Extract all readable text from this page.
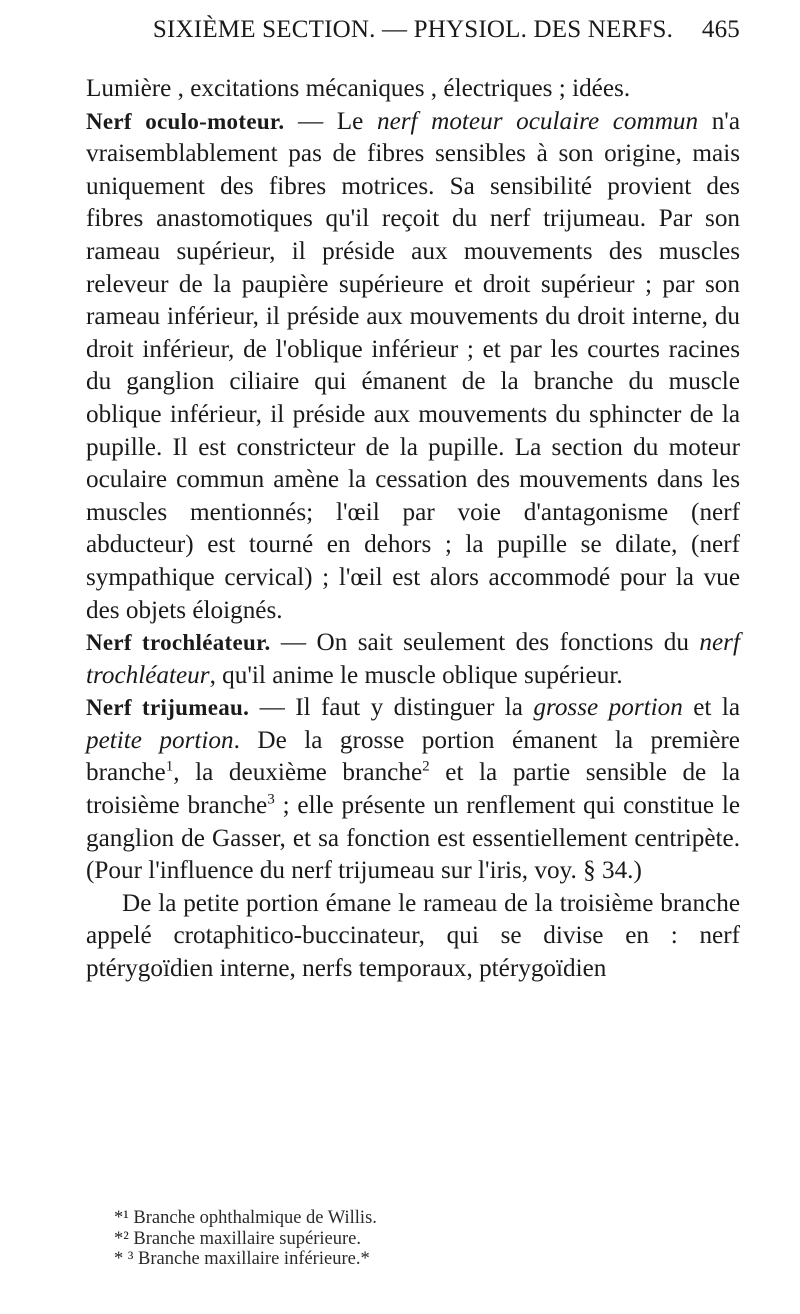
SIXIÈME SECTION. — PHYSIOL. DES NERFS.	465

Lumière , excitations mécaniques , électriques ; idées.

Nerf oculo-moteur. — Le nerf moteur oculaire commun n'a vraisemblablement pas de fibres sensibles à son origine, mais uniquement des fibres motrices. Sa sensibilité provient des fibres anastomotiques qu'il reçoit du nerf trijumeau. Par son rameau supérieur, il préside aux mouvements des muscles releveur de la paupière supérieure et droit supérieur ; par son rameau inférieur, il préside aux mouvements du droit interne, du droit inférieur, de l'oblique inférieur ; et par les courtes racines du ganglion ciliaire qui émanent de la branche du muscle oblique inférieur, il préside aux mouvements du sphincter de la pupille. Il est constricteur de la pupille. La section du moteur oculaire commun amène la cessation des mouvements dans les muscles mentionnés; l'œil par voie d'antagonisme (nerf abducteur) est tourné en dehors ; la pupille se dilate, (nerf sympathique cervical) ; l'œil est alors accommodé pour la vue des objets éloignés.

Nerf trochléateur. — On sait seulement des fonctions du nerf trochléateur, qu'il anime le muscle oblique supérieur.

Nerf trijumeau. — Il faut y distinguer la grosse portion et la petite portion. De la grosse portion émanent la première branche$^1$, la deuxième branche$^2$ et la partie sensible de la troisième branche$^3$ ; elle présente un renflement qui constitue le ganglion de Gasser, et sa fonction est essentiellement centripète. (Pour l'influence du nerf trijumeau sur l'iris, voy. § 34.)

De la petite portion émane le rameau de la troisième branche appelé crotaphitico-buccinateur, qui se divise en : nerf ptérygoïdien interne, nerfs temporaux, ptérygoïdien

*¹ Branche ophthalmique de Willis.
*² Branche maxillaire supérieure.
* ³ Branche maxillaire inférieure.*
